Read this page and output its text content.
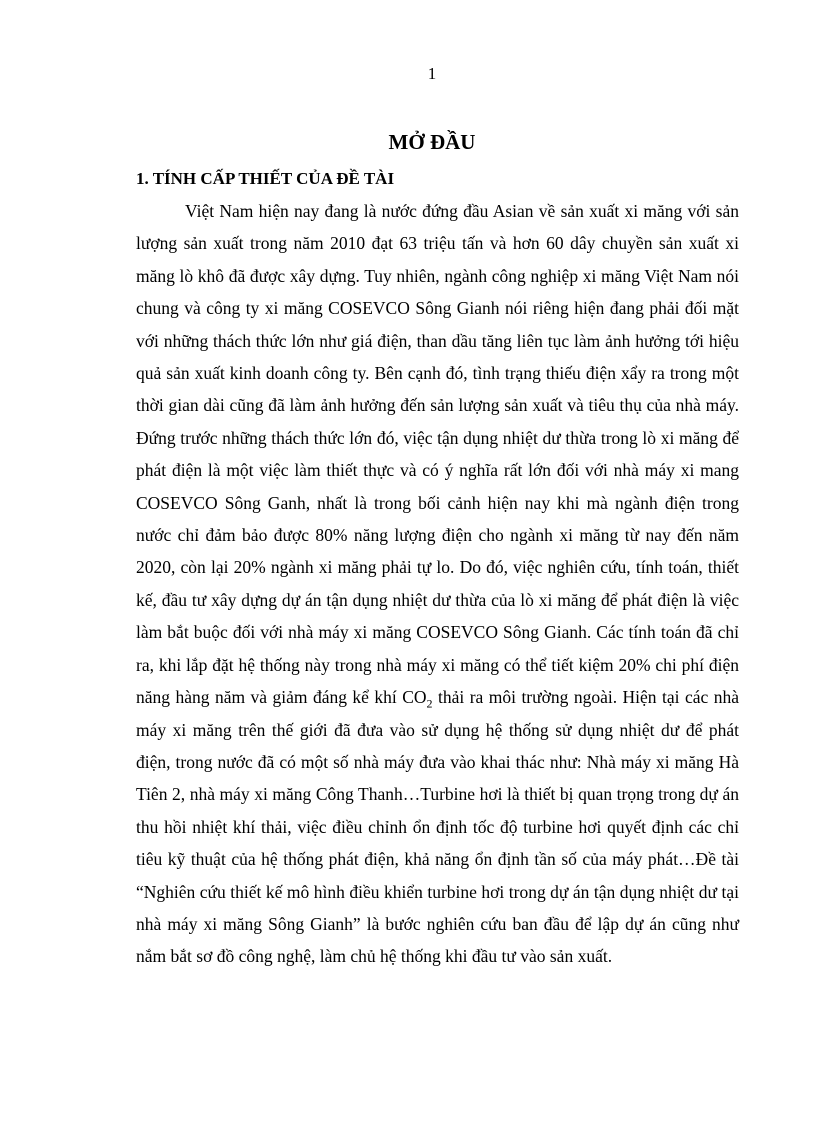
1
MỞ ĐẦU
1. TÍNH CẤP THIẾT CỦA ĐỀ TÀI

Việt Nam hiện nay đang là nước đứng đầu Asian về sản xuất xi măng với sản lượng sản xuất trong năm 2010 đạt 63 triệu tấn và hơn 60 dây chuyền sản xuất xi măng lò khô đã được xây dựng. Tuy nhiên, ngành công nghiệp xi măng Việt Nam nói chung và công ty xi măng COSEVCO Sông Gianh nói riêng hiện đang phải đối mặt với những thách thức lớn như giá điện, than dầu tăng liên tục làm ảnh hưởng tới hiệu quả sản xuất kinh doanh công ty. Bên cạnh đó, tình trạng thiếu điện xẩy ra trong một thời gian dài cũng đã làm ảnh hưởng đến sản lượng sản xuất và tiêu thụ của nhà máy. Đứng trước những thách thức lớn đó, việc tận dụng nhiệt dư thừa trong lò xi măng để phát điện là một việc làm thiết thực và có ý nghĩa rất lớn đối với nhà máy xi mang COSEVCO Sông Ganh, nhất là trong bối cảnh hiện nay khi mà ngành điện trong nước chỉ đảm bảo được 80% năng lượng điện cho ngành xi măng từ nay đến năm 2020, còn lại 20% ngành xi măng phải tự lo. Do đó, việc nghiên cứu, tính toán, thiết kế, đầu tư xây dựng dự án tận dụng nhiệt dư thừa của lò xi măng để phát điện là việc làm bắt buộc đối với nhà máy xi măng COSEVCO Sông Gianh. Các tính toán đã chỉ ra, khi lắp đặt hệ thống này trong nhà máy xi măng có thể tiết kiệm 20% chi phí điện năng hàng năm và giảm đáng kể khí $CO_2$ thải ra môi trường ngoài. Hiện tại các nhà máy xi măng trên thế giới đã đưa vào sử dụng hệ thống sử dụng nhiệt dư để phát điện, trong nước đã có một số nhà máy đưa vào khai thác như: Nhà máy xi măng Hà Tiên 2, nhà máy xi măng Công Thanh…Turbine hơi là thiết bị quan trọng trong dự án thu hồi nhiệt khí thải, việc điều chỉnh ổn định tốc độ turbine hơi quyết định các chỉ tiêu kỹ thuật của hệ thống phát điện, khả năng ổn định tần số của máy phát…Đề tài “Nghiên cứu thiết kế mô hình điều khiển turbine hơi trong dự án tận dụng nhiệt dư tại nhà máy xi măng Sông Gianh” là bước nghiên cứu ban đầu để lập dự án cũng như nắm bắt sơ đồ công nghệ, làm chủ hệ thống khi đầu tư vào sản xuất.
